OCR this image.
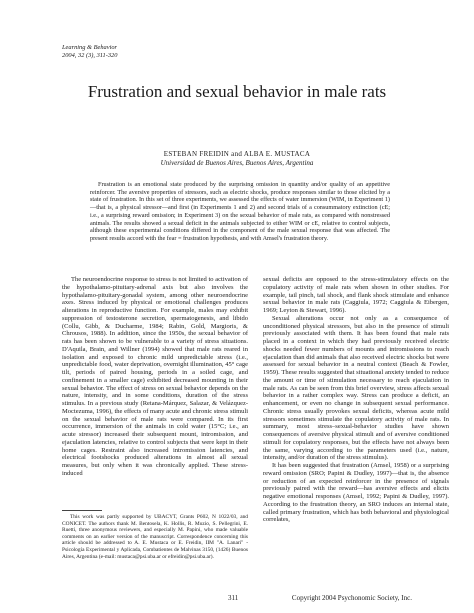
Learning & Behavior
2004, 32 (3), 311-320
Frustration and sexual behavior in male rats
ESTEBAN FREIDIN and ALBA E. MUSTACA
Universidad de Buenos Aires, Buenos Aires, Argentina

Frustration is an emotional state produced by the surprising omission in quantity and/or quality of an appetitive reinforcer. The aversive properties of stressors, such as electric shocks, produce responses similar to those elicited by a state of frustration. In this set of three experiments, we assessed the effects of water immersion (WIM, in Experiment 1)—that is, a physical stressor—and first (in Experiments 1 and 2) and second trials of a consummatory extinction (cE; i.e., a surprising reward omission; in Experiment 3) on the sexual behavior of male rats, as compared with nonstressed animals. The results showed a sexual deficit in the animals subjected to either WIM or cE, relative to control subjects, although these experimental conditions differed in the component of the male sexual response that was affected. The present results accord with the fear = frustration hypothesis, and with Amsel's frustration theory.

The neuroendocrine response to stress is not limited to activation of the hypothalamo-pituitary-adrenal axis but also involves the hypothalamo-pituitary-gonadal system, among other neuroendocrine axes. Stress induced by physical or emotional challenges produces alterations in reproductive function. For example, males may exhibit suppression of testosterone secretion, spermatogenesis, and libido (Collu, Gibb, & Ducharme, 1984; Rabin, Gold, Margioris, & Chrousos, 1988). In addition, since the 1950s, the sexual behavior of rats has been shown to be vulnerable to a variety of stress situations. D'Aquila, Brain, and Willner (1994) showed that male rats reared in isolation and exposed to chronic mild unpredictable stress (i.e., unpredictable food, water deprivation, overnight illumination, 45° cage tilt, periods of paired housing, periods in a soiled cage, and confinement in a smaller cage) exhibited decreased mounting in their sexual behavior. The effect of stress on sexual behavior depends on the nature, intensity, and in some conditions, duration of the stress stimulus. In a previous study (Retana-Márquez, Salazar, & Velázquez-Moctezuma, 1996), the effects of many acute and chronic stress stimuli on the sexual behavior of male rats were compared. In its first occurrence, immersion of the animals in cold water (15°C; i.e., an acute stressor) increased their subsequent mount, intromission, and ejaculation latencies, relative to control subjects that were kept in their home cages. Restraint also increased intromission latencies, and electrical footshocks produced alterations in almost all sexual measures, but only when it was chronically applied. These stress-induced

sexual deficits are opposed to the stress-stimulatory effects on the copulatory activity of male rats when shown in other studies. For example, tail pinch, tail shock, and flank shock stimulate and enhance sexual behavior in male rats (Caggiula, 1972; Caggiula & Eibergen, 1969; Leyton & Stewart, 1996).

Sexual alterations occur not only as a consequence of unconditioned physical stressors, but also in the presence of stimuli previously associated with them. It has been found that male rats placed in a context in which they had previously received electric shocks needed fewer numbers of mounts and intromissions to reach ejaculation than did animals that also received electric shocks but were assessed for sexual behavior in a neutral context (Beach & Fowler, 1959). These results suggested that situational anxiety tended to reduce the amount or time of stimulation necessary to reach ejaculation in male rats. As can be seen from this brief overview, stress affects sexual behavior in a rather complex way. Stress can produce a deficit, an enhancement, or even no change in subsequent sexual performance. Chronic stress usually provokes sexual deficits, whereas acute mild stressors sometimes stimulate the copulatory activity of male rats. In summary, most stress–sexual-behavior studies have shown consequences of aversive physical stimuli and of aversive conditioned stimuli for copulatory responses, but the effects have not always been the same, varying according to the parameters used (i.e., nature, intensity, and/or duration of the stress stimulus).

It has been suggested that frustration (Amsel, 1958) or a surprising reward omission (SRO; Papini & Dudley, 1997)—that is, the absence or reduction of an expected reinforcer in the presence of signals previously paired with the reward—has aversive effects and elicits negative emotional responses (Amsel, 1992; Papini & Dudley, 1997). According to the frustration theory, an SRO induces an internal state, called primary frustration, which has both behavioral and physiological correlates,

This work was partly supported by UBACYT, Grants P602, N 1022/03, and CONICET. The authors thank M. Bentosela, K. Hollis, R. Muzio, S. Pellegrini, E. Ruetti, three anonymous reviewers, and especially M. Papini, who made valuable comments on an earlier version of the manuscript. Correspondence concerning this article should be addressed to A. E. Mustaca or E. Freidin, IIM "A. Lanari" -Psicología Experimental y Aplicada, Combatientes de Malvinas 3150, (1426) Buenos Aires, Argentina (e-mail: mustaca@psi.uba.ar or efreidin@psi.uba.ar).

311	Copyright 2004 Psychonomic Society, Inc.
